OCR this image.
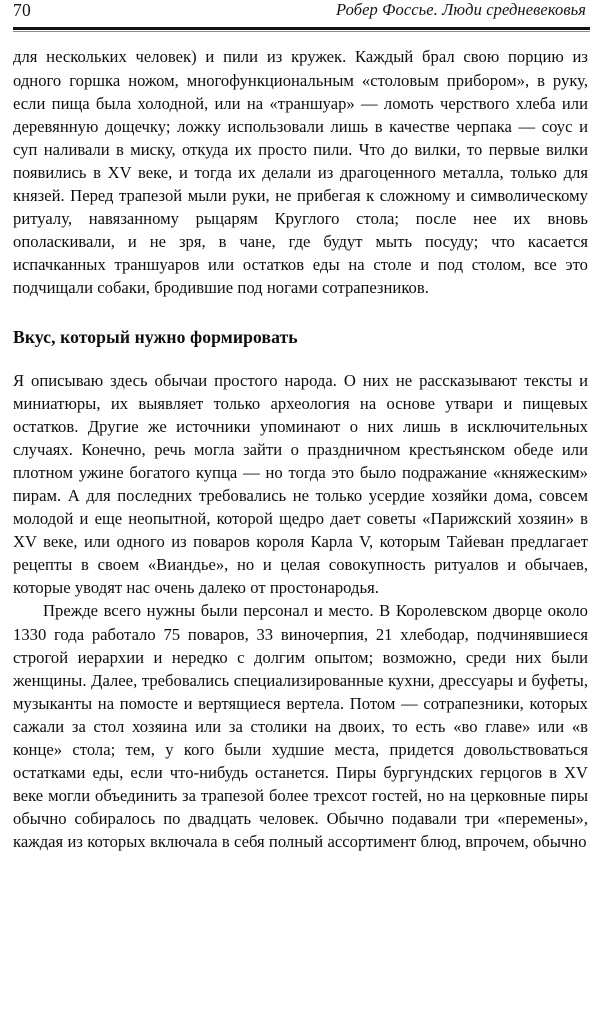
70	Робер Фоссье. Люди средневековья

для нескольких человек) и пили из кружек. Каждый брал свою порцию из одного горшка ножом, многофункциональным «столовым прибором», в руку, если пища была холодной, или на «траншуар» — ломоть черствого хлеба или деревянную дощечку; ложку использовали лишь в качестве черпака — соус и суп наливали в миску, откуда их просто пили. Что до вилки, то первые вилки появились в XV веке, и тогда их делали из драгоценного металла, только для князей. Перед трапезой мыли руки, не прибегая к сложному и символическому ритуалу, навязанному рыцарям Круглого стола; после нее их вновь ополаскивали, и не зря, в чане, где будут мыть посуду; что касается испачканных траншуаров или остатков еды на столе и под столом, все это подчищали собаки, бродившие под ногами сотрапезников.

Вкус, который нужно формировать

Я описываю здесь обычаи простого народа. О них не рассказывают тексты и миниатюры, их выявляет только археология на основе утвари и пищевых остатков. Другие же источники упоминают о них лишь в исключительных случаях. Конечно, речь могла зайти о праздничном крестьянском обеде или плотном ужине богатого купца — но тогда это было подражание «княжеским» пирам. А для последних требовались не только усердие хозяйки дома, совсем молодой и еще неопытной, которой щедро дает советы «Парижский хозяин» в XV веке, или одного из поваров короля Карла V, которым Тайеван предлагает рецепты в своем «Виандье», но и целая совокупность ритуалов и обычаев, которые уводят нас очень далеко от простонародья.

Прежде всего нужны были персонал и место. В Королевском дворце около 1330 года работало 75 поваров, 33 виночерпия, 21 хлебодар, подчинявшиеся строгой иерархии и нередко с долгим опытом; возможно, среди них были женщины. Далее, требовались специализированные кухни, дрессуары и буфеты, музыканты на помосте и вертящиеся вертела. Потом — сотрапезники, которых сажали за стол хозяина или за столики на двоих, то есть «во главе» или «в конце» стола; тем, у кого были худшие места, придется довольствоваться остатками еды, если что-нибудь останется. Пиры бургундских герцогов в XV веке могли объединить за трапезой более трехсот гостей, но на церковные пиры обычно собиралось по двадцать человек. Обычно подавали три «перемены», каждая из которых включала в себя полный ассортимент блюд, впрочем, обычно
